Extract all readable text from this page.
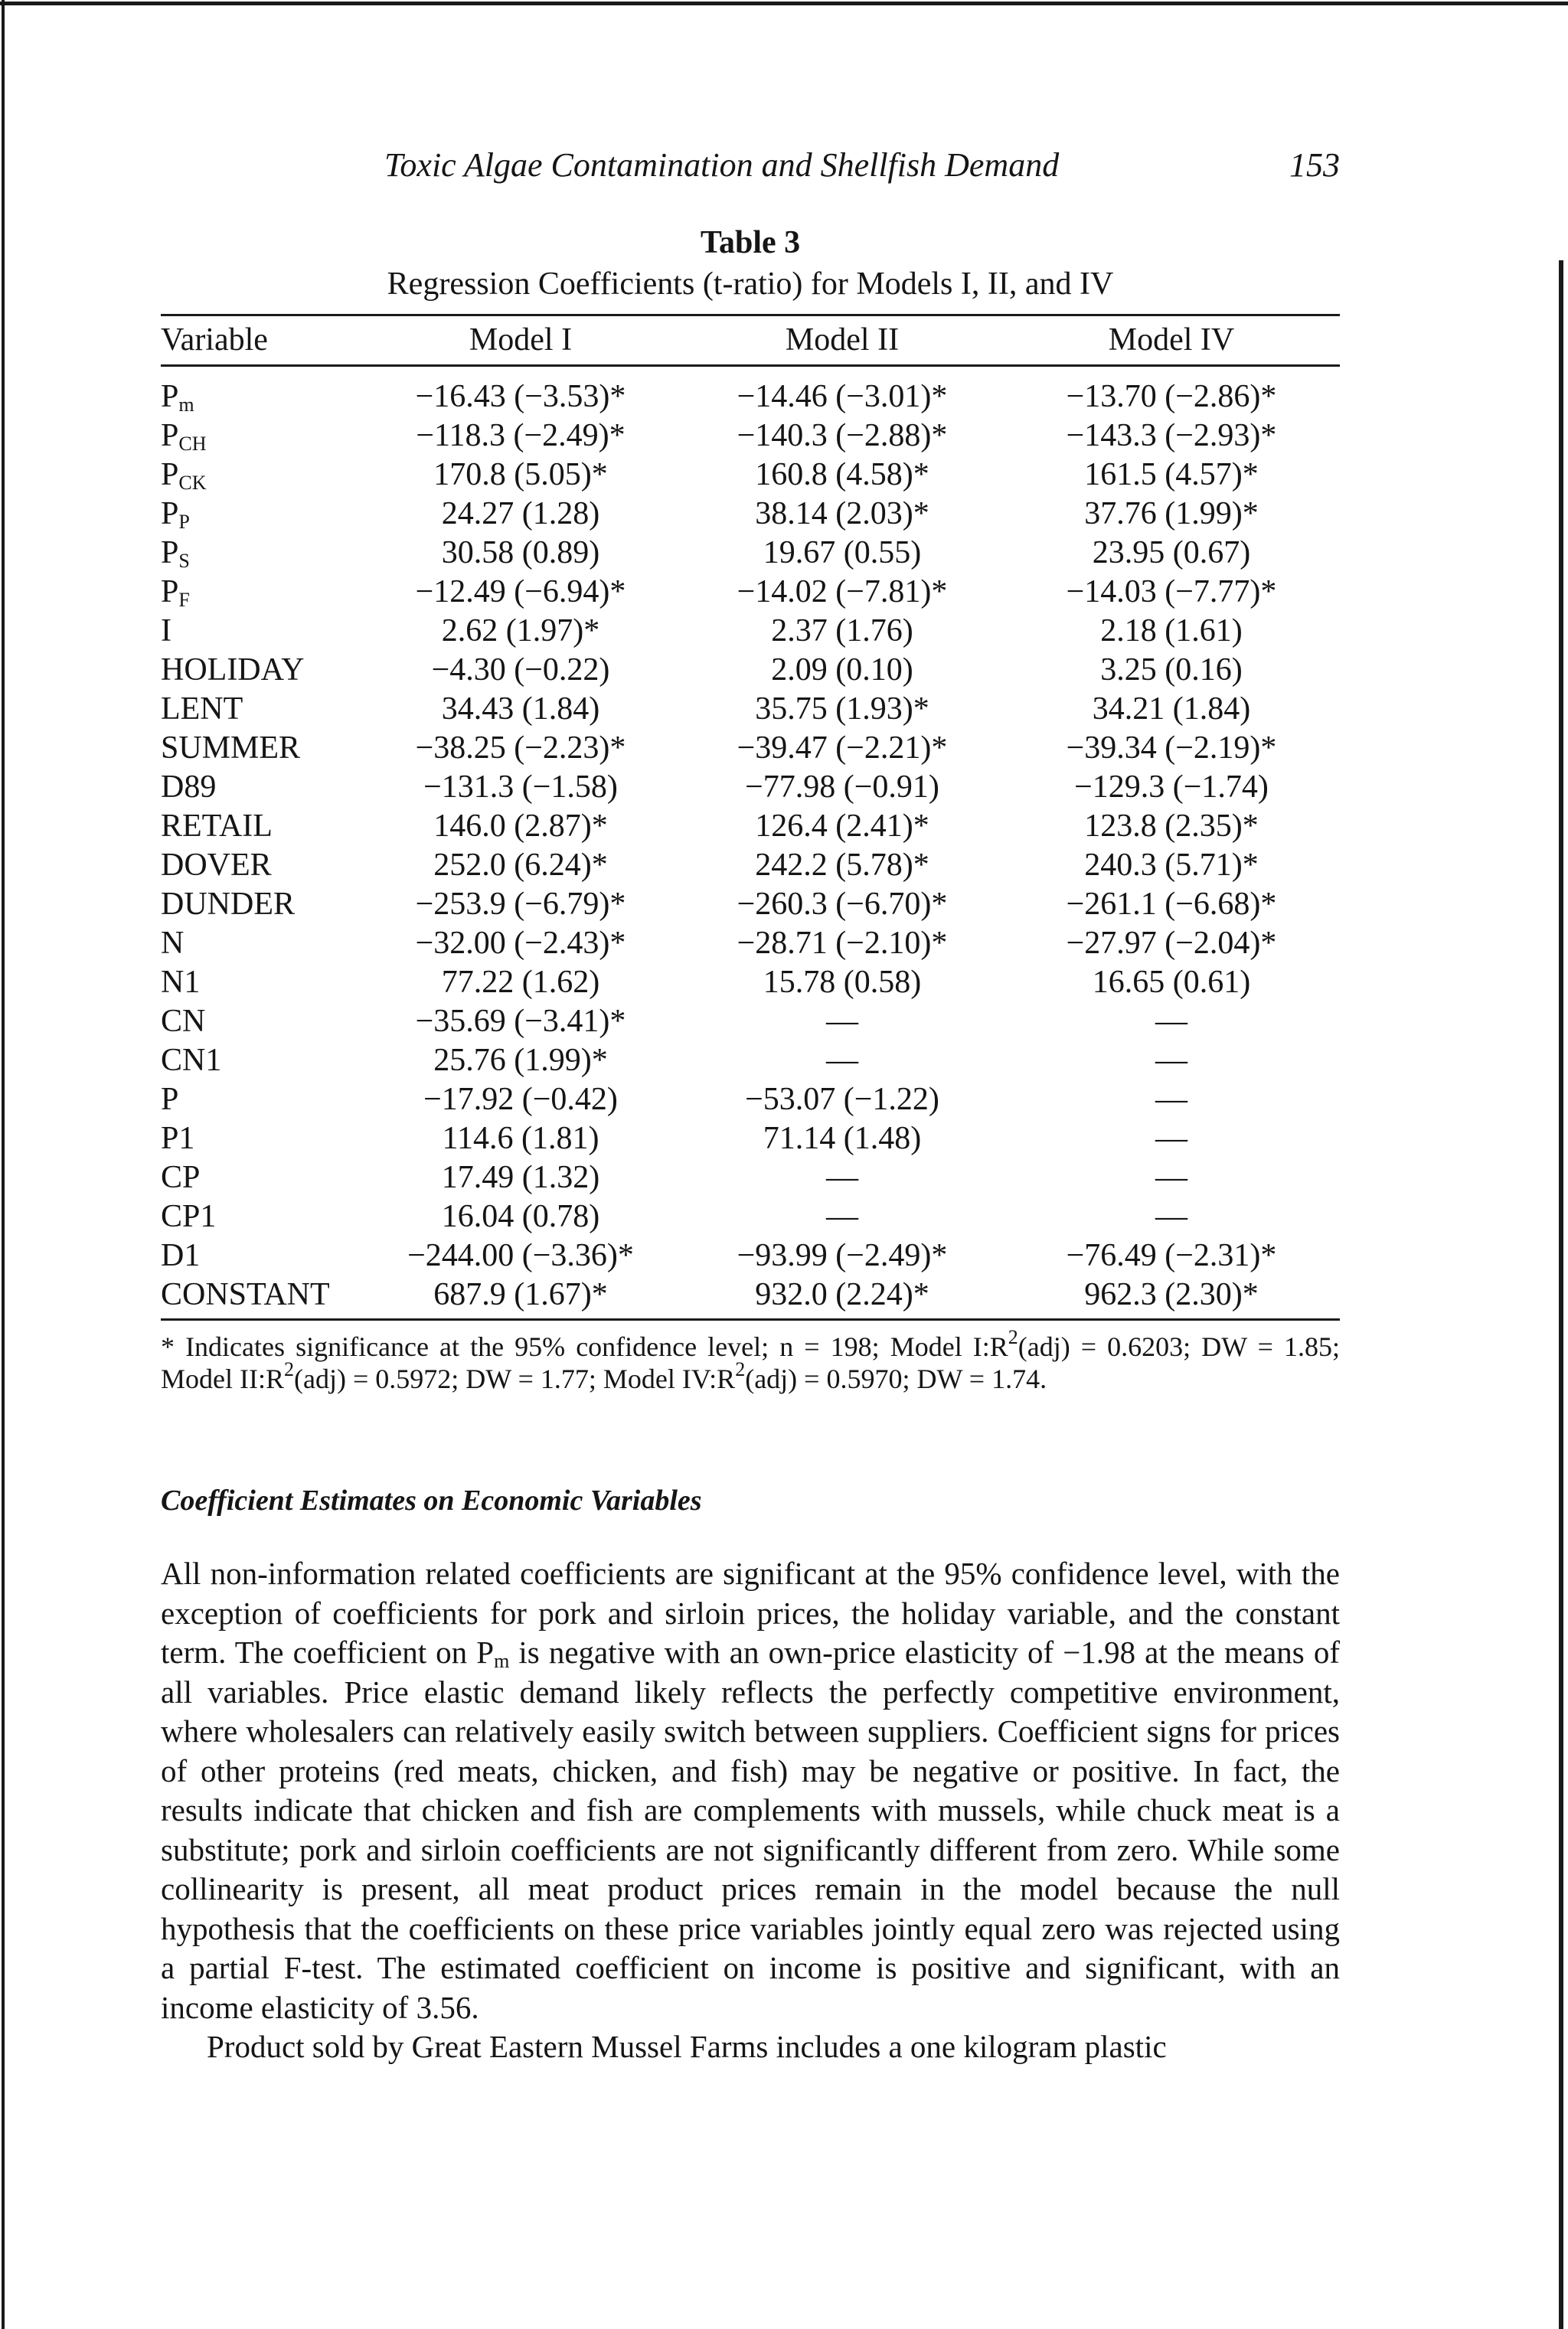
Toxic Algae Contamination and Shellfish Demand	153
Table 3
Regression Coefficients (t-ratio) for Models I, II, and IV
Variable	Model I	Model II	Model IV
$P_m$	−16.43 (−3.53)*	−14.46 (−3.01)*	−13.70 (−2.86)*
$P_{CH}$	−118.3 (−2.49)*	−140.3 (−2.88)*	−143.3 (−2.93)*
$P_{CK}$	170.8 (5.05)*	160.8 (4.58)*	161.5 (4.57)*
$P_P$	24.27 (1.28)	38.14 (2.03)*	37.76 (1.99)*
$P_S$	30.58 (0.89)	19.67 (0.55)	23.95 (0.67)
$P_F$	−12.49 (−6.94)*	−14.02 (−7.81)*	−14.03 (−7.77)*
I	2.62 (1.97)*	2.37 (1.76)	2.18 (1.61)
HOLIDAY	−4.30 (−0.22)	2.09 (0.10)	3.25 (0.16)
LENT	34.43 (1.84)	35.75 (1.93)*	34.21 (1.84)
SUMMER	−38.25 (−2.23)*	−39.47 (−2.21)*	−39.34 (−2.19)*
D89	−131.3 (−1.58)	−77.98 (−0.91)	−129.3 (−1.74)
RETAIL	146.0 (2.87)*	126.4 (2.41)*	123.8 (2.35)*
DOVER	252.0 (6.24)*	242.2 (5.78)*	240.3 (5.71)*
DUNDER	−253.9 (−6.79)*	−260.3 (−6.70)*	−261.1 (−6.68)*
N	−32.00 (−2.43)*	−28.71 (−2.10)*	−27.97 (−2.04)*
N1	77.22 (1.62)	15.78 (0.58)	16.65 (0.61)
CN	−35.69 (−3.41)*	—	—
CN1	25.76 (1.99)*	—	—
P	−17.92 (−0.42)	−53.07 (−1.22)	—
P1	114.6 (1.81)	71.14 (1.48)	—
CP	17.49 (1.32)	—	—
CP1	16.04 (0.78)	—	—
D1	−244.00 (−3.36)*	−93.99 (−2.49)*	−76.49 (−2.31)*
CONSTANT	687.9 (1.67)*	932.0 (2.24)*	962.3 (2.30)*
* Indicates significance at the 95% confidence level; n = 198; Model $I:R^2(adj) = 0.6203$; DW = 1.85; Model $II:R^2(adj) = 0.5972$; DW = 1.77; Model $IV:R^2(adj) = 0.5970$; DW = 1.74.
Coefficient Estimates on Economic Variables

All non-information related coefficients are significant at the 95% confidence level, with the exception of coefficients for pork and sirloin prices, the holiday variable, and the constant term. The coefficient on $P_m$ is negative with an own-price elasticity of −1.98 at the means of all variables. Price elastic demand likely reflects the perfectly competitive environment, where wholesalers can relatively easily switch between suppliers. Coefficient signs for prices of other proteins (red meats, chicken, and fish) may be negative or positive. In fact, the results indicate that chicken and fish are complements with mussels, while chuck meat is a substitute; pork and sirloin coefficients are not significantly different from zero. While some collinearity is present, all meat product prices remain in the model because the null hypothesis that the coefficients on these price variables jointly equal zero was rejected using a partial F-test. The estimated coefficient on income is positive and significant, with an income elasticity of 3.56.

Product sold by Great Eastern Mussel Farms includes a one kilogram plastic
